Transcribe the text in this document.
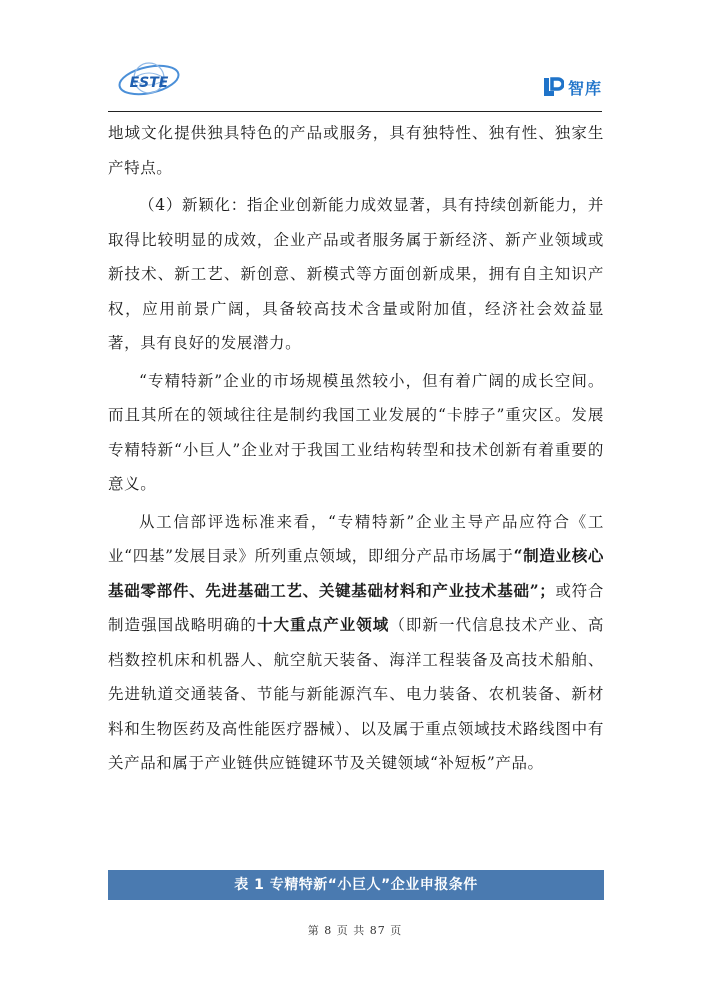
ESTE	智库

地域文化提供独具特色的产品或服务，具有独特性、独有性、独家生产特点。

（4）新颖化：指企业创新能力成效显著，具有持续创新能力，并取得比较明显的成效，企业产品或者服务属于新经济、新产业领域或新技术、新工艺、新创意、新模式等方面创新成果，拥有自主知识产权，应用前景广阔，具备较高技术含量或附加值，经济社会效益显著，具有良好的发展潜力。

“专精特新”企业的市场规模虽然较小，但有着广阔的成长空间。而且其所在的领域往往是制约我国工业发展的“卡脖子”重灾区。发展专精特新“小巨人”企业对于我国工业结构转型和技术创新有着重要的意义。

从工信部评选标准来看，“专精特新”企业主导产品应符合《工业“四基”发展目录》所列重点领域，即细分产品市场属于“制造业核心基础零部件、先进基础工艺、关键基础材料和产业技术基础”；或符合制造强国战略明确的十大重点产业领域（即新一代信息技术产业、高档数控机床和机器人、航空航天装备、海洋工程装备及高技术船舶、先进轨道交通装备、节能与新能源汽车、电力装备、农机装备、新材料和生物医药及高性能医疗器械）、以及属于重点领域技术路线图中有关产品和属于产业链供应链键环节及关键领域“补短板”产品。

表 1 专精特新“小巨人”企业申报条件
第 8 页 共 87 页
